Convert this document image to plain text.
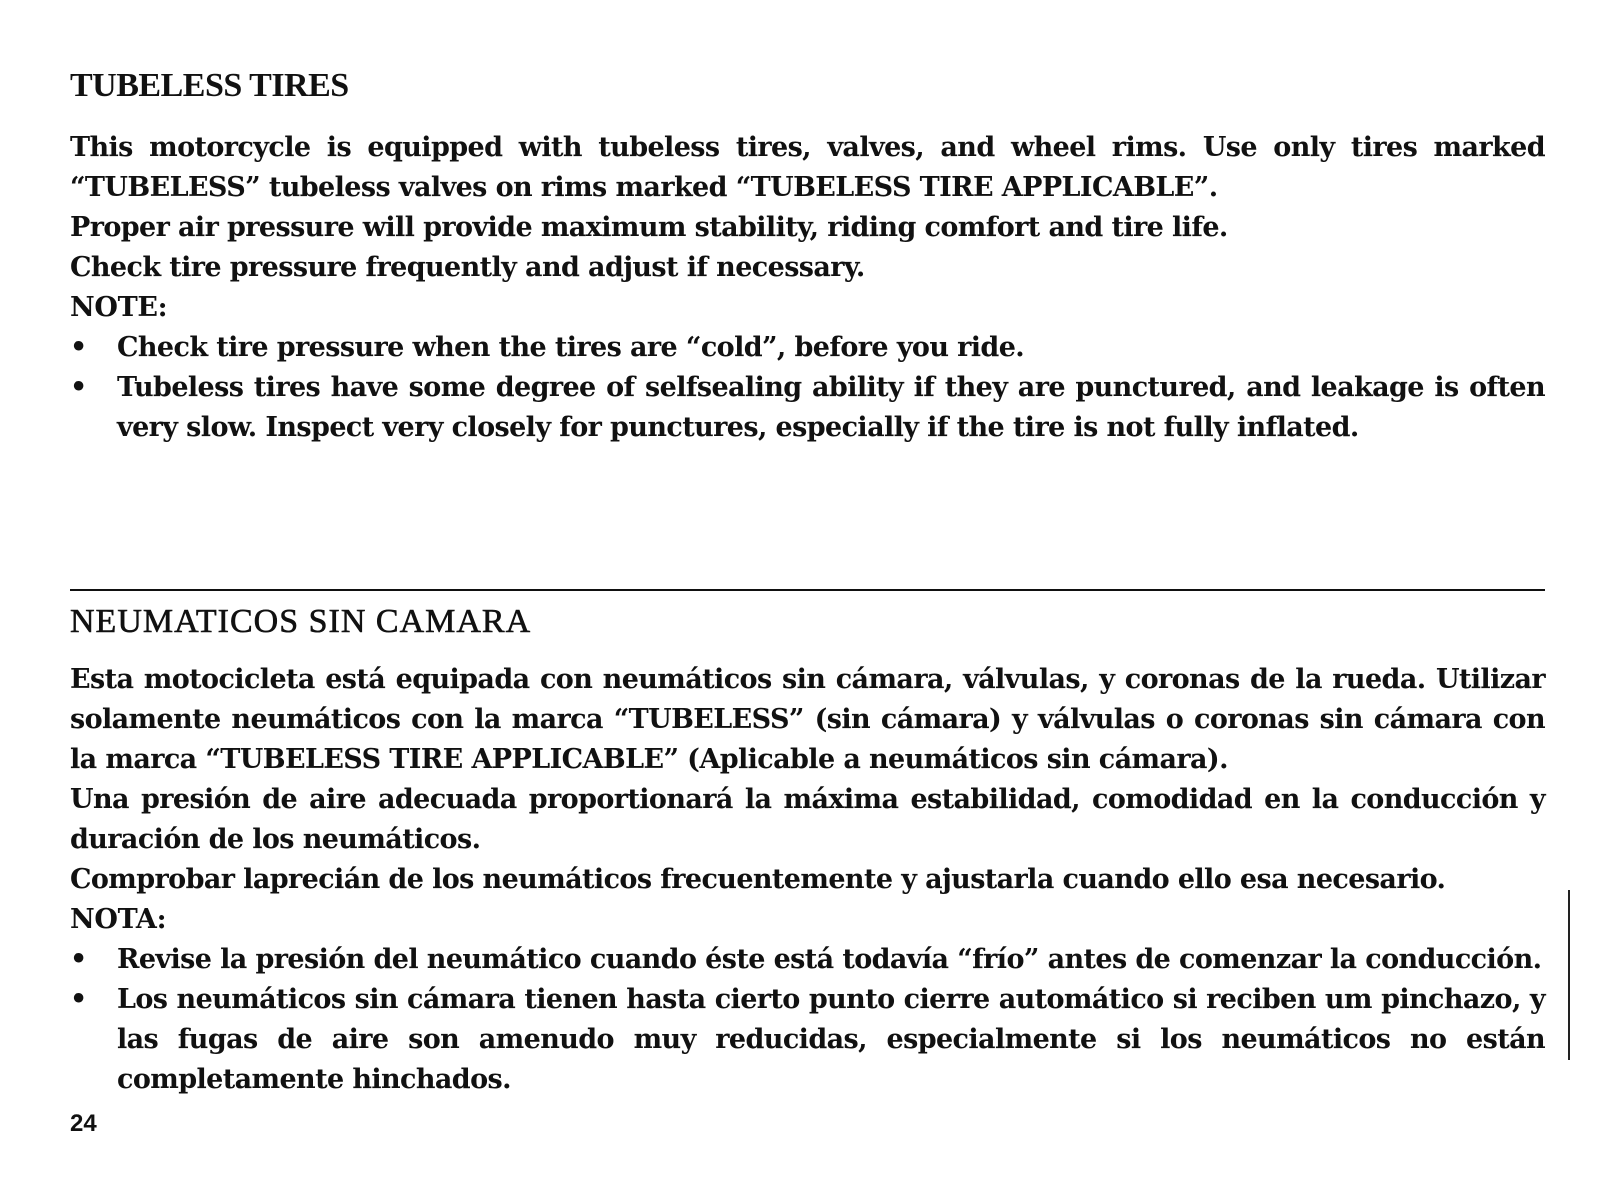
TUBELESS TIRES

This motorcycle is equipped with tubeless tires, valves, and wheel rims. Use only tires marked “TUBELESS” tubeless valves on rims marked “TUBELESS TIRE APPLICABLE”.

Proper air pressure will provide maximum stability, riding comfort and tire life.

Check tire pressure frequently and adjust if necessary.

NOTE:

• Check tire pressure when the tires are “cold”, before you ride.
• Tubeless tires have some degree of selfsealing ability if they are punctured, and leakage is often very slow. Inspect very closely for punctures, especially if the tire is not fully inflated.
NEUMATICOS SIN CAMARA

Esta motocicleta está equipada con neumáticos sin cámara, válvulas, y coronas de la rueda. Utilizar solamente neumáticos con la marca “TUBELESS” (sin cámara) y válvulas o coronas sin cámara con la marca “TUBELESS TIRE APPLICABLE” (Aplicable a neumáticos sin cámara).

Una presión de aire adecuada proportionará la máxima estabilidad, comodidad en la conducción y duración de los neumáticos.

Comprobar laprecián de los neumáticos frecuentemente y ajustarla cuando ello esa necesario.

NOTA:

• Revise la presión del neumático cuando éste está todavía “frío” antes de comenzar la conducción.
• Los neumáticos sin cámara tienen hasta cierto punto cierre automático si reciben um pinchazo, y las fugas de aire son amenudo muy reducidas, especialmente si los neumáticos no están completamente hinchados.
24
